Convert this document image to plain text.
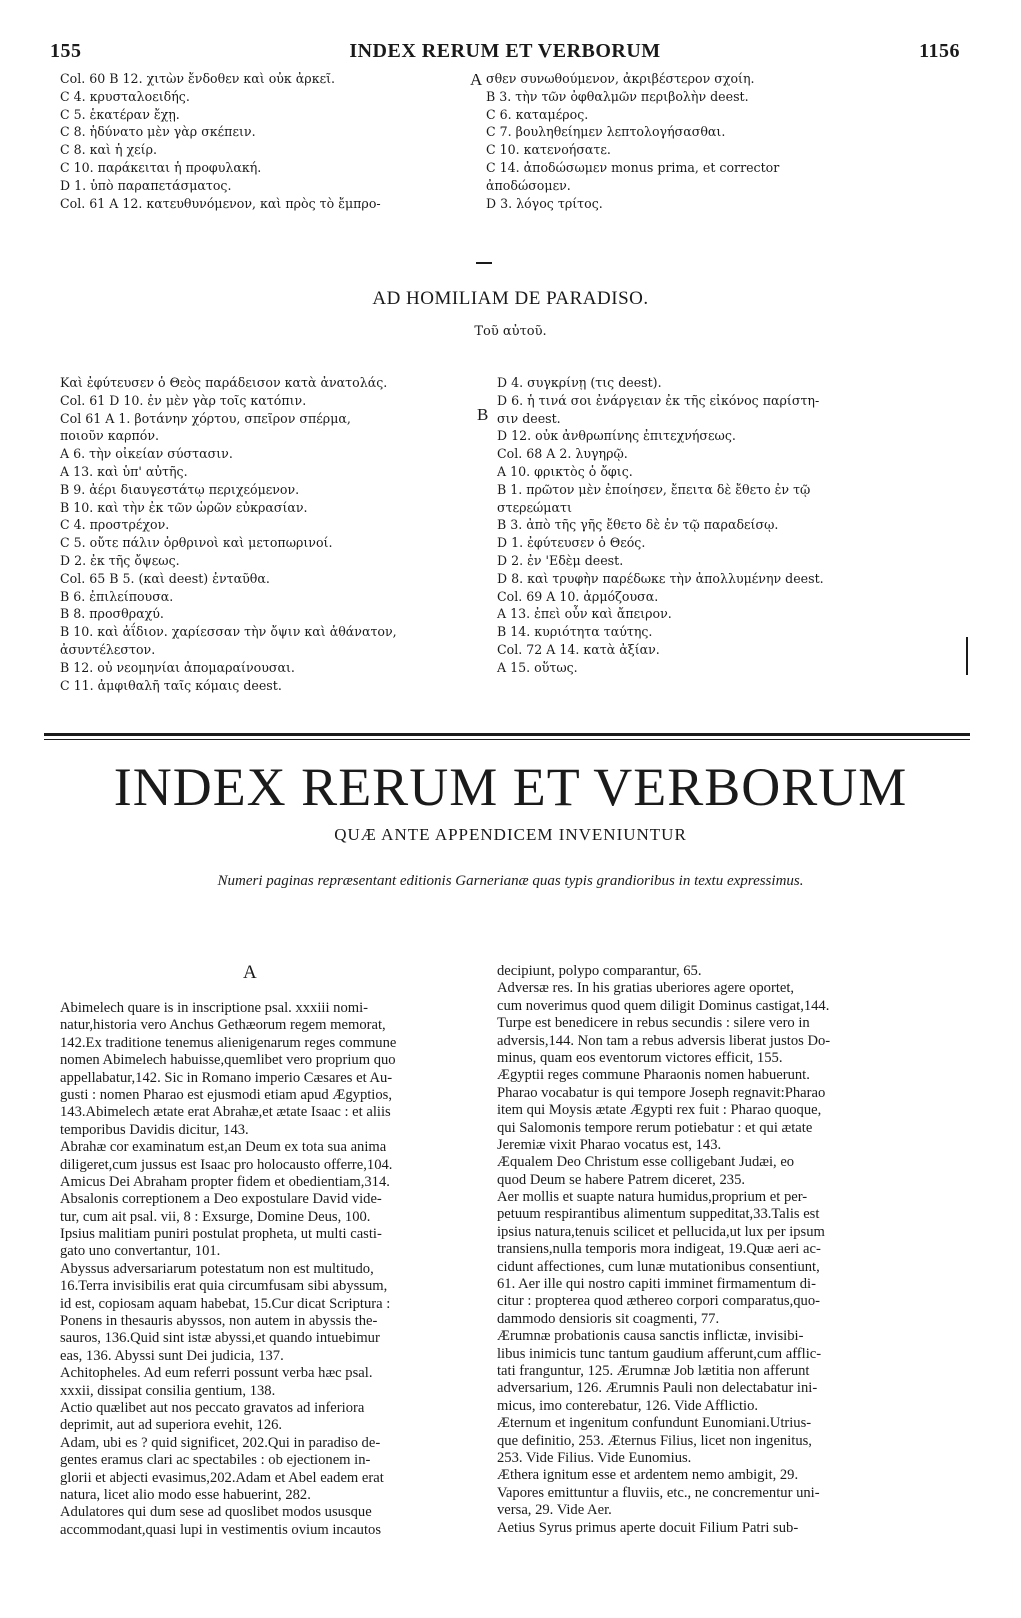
155	INDEX RERUM ET VERBORUM	1156
Col. 60 B 12. χιτὼν ἔνδοθεν καὶ οὐκ ἀρκεῖ.
C 4. κρυσταλοειδής.
C 5. ἑκατέραν ἔχῃ.
C 8. ἡδύνατο μὲν γὰρ σκέπειν.
C 8. καὶ ἡ χείρ.
C 10. παράκειται ἡ προφυλακή.
D 1. ὑπὸ παραπετάσματος.
Col. 61 A 12. κατευθυνόμενον, καὶ πρὸς τὸ ἔμπρο-
σθεν συνωθούμενον, ἀκριβέστερον σχοίη.
B 3. τὴν τῶν ὀφθαλμῶν περιβολὴν deest.
C 6. καταμέρος.
C 7. βουληθείημεν λεπτολογήσασθαι.
C 10. κατενοήσατε.
C 14. ἀποδώσωμεν monus prima, et corrector
ἀποδώσομεν.
D 3. λόγος τρίτος.
A
AD HOMILIAM DE PARADISO.
Τοῦ αὐτοῦ.
Καὶ ἐφύτευσεν ὁ Θεὸς παράδεισον κατὰ ἀνατολάς.
Col. 61 D 10. ἐν μὲν γὰρ τοῖς κατόπιν.
Col 61 A 1. βοτάνην χόρτου, σπεῖρον σπέρμα,
ποιοῦν καρπόν.
A 6. τὴν οἰκείαν σύστασιν.
A 13. καὶ ὑπ' αὐτῆς.
B 9. ἀέρι διαυγεστάτῳ περιχεόμενον.
B 10. καὶ τὴν ἐκ τῶν ὡρῶν εὐκρασίαν.
C 4. προστρέχον.
C 5. οὔτε πάλιν ὀρθρινοὶ καὶ μετοπωρινοί.
D 2. ἐκ τῆς ὄψεως.
Col. 65 B 5. (καὶ deest) ἐνταῦθα.
B 6. ἐπιλείπουσα.
B 8. προσθραχύ.
B 10. καὶ ἀΐδιον. χαρίεσσαν τὴν ὄψιν καὶ ἀθάνατον,
ἀσυντέλεστον.
B 12. οὐ νεομηνίαι ἀπομαραίνουσαι.
C 11. ἀμφιθαλῆ ταῖς κόμαις deest.
D 4. συγκρίνῃ (τις deest).
D 6. ἡ τινά σοι ἐνάργειαν ἐκ τῆς εἰκόνος παρίστη-
σιν deest.
D 12. οὐκ ἀνθρωπίνης ἐπιτεχνήσεως.
Col. 68 A 2. λυγηρῷ.
A 10. φρικτὸς ὁ ὄφις.
B 1. πρῶτον μὲν ἐποίησεν, ἔπειτα δὲ ἔθετο ἐν τῷ
στερεώματι
B 3. ἀπὸ τῆς γῆς ἔθετο δὲ ἐν τῷ παραδείσῳ.
D 1. ἐφύτευσεν ὁ Θεός.
D 2. ἐν 'Εδὲμ deest.
D 8. καὶ τρυφὴν παρέδωκε τὴν ἀπολλυμένην deest.
Col. 69 A 10. ἁρμόζουσα.
A 13. ἐπεὶ οὖν καὶ ἄπειρον.
B 14. κυριότητα ταύτης.
Col. 72 A 14. κατὰ ἀξίαν.
A 15. οὕτως.
B
INDEX RERUM ET VERBORUM
QUÆ ANTE APPENDICEM INVENIUNTUR
Numeri paginas repræsentant editionis Garnerianæ quas typis grandioribus in textu expressimus.
A
Abimelech quare is in inscriptione psal. xxxiii nomi-
natur,historia vero Anchus Gethæorum regem memorat,
142.Ex traditione tenemus alienigenarum reges commune
nomen Abimelech habuisse,quemlibet vero proprium quo
appellabatur,142. Sic in Romano imperio Cæsares et Au-
gusti : nomen Pharao est ejusmodi etiam apud Ægyptios,
143.Abimelech ætate erat Abrahæ,et ætate Isaac : et aliis
temporibus Davidis dicitur, 143.
Abrahæ cor examinatum est,an Deum ex tota sua anima
diligeret,cum jussus est Isaac pro holocausto offerre,104.
Amicus Dei Abraham propter fidem et obedientiam,314.
Absalonis correptionem a Deo expostulare David vide-
tur, cum ait psal. vii, 8 : Exsurge, Domine Deus, 100.
Ipsius malitiam puniri postulat propheta, ut multi casti-
gato uno convertantur, 101.
Abyssus adversariarum potestatum non est multitudo,
16.Terra invisibilis erat quia circumfusam sibi abyssum,
id est, copiosam aquam habebat, 15.Cur dicat Scriptura :
Ponens in thesauris abyssos, non autem in abyssis the-
sauros, 136.Quid sint istæ abyssi,et quando intuebimur
eas, 136. Abyssi sunt Dei judicia, 137.
Achitopheles. Ad eum referri possunt verba hæc psal.
xxxii, dissipat consilia gentium, 138.
Actio quælibet aut nos peccato gravatos ad inferiora
deprimit, aut ad superiora evehit, 126.
Adam, ubi es ? quid significet, 202.Qui in paradiso de-
gentes eramus clari ac spectabiles : ob ejectionem in-
glorii et abjecti evasimus,202.Adam et Abel eadem erat
natura, licet alio modo esse habuerint, 282.
Adulatores qui dum sese ad quoslibet modos ususque
accommodant,quasi lupi in vestimentis ovium incautos
decipiunt, polypo comparantur, 65.
Adversæ res. In his gratias uberiores agere oportet,
cum noverimus quod quem diligit Dominus castigat,144.
Turpe est benedicere in rebus secundis : silere vero in
adversis,144. Non tam a rebus adversis liberat justos Do-
minus, quam eos eventorum victores efficit, 155.
Ægyptii reges commune Pharaonis nomen habuerunt.
Pharao vocabatur is qui tempore Joseph regnavit:Pharao
item qui Moysis ætate Ægypti rex fuit : Pharao quoque,
qui Salomonis tempore rerum potiebatur : et qui ætate
Jeremiæ vixit Pharao vocatus est, 143.
Æqualem Deo Christum esse colligebant Judæi, eo
quod Deum se habere Patrem diceret, 235.
Aer mollis et suapte natura humidus,proprium et per-
petuum respirantibus alimentum suppeditat,33.Talis est
ipsius natura,tenuis scilicet et pellucida,ut lux per ipsum
transiens,nulla temporis mora indigeat, 19.Quæ aeri ac-
cidunt affectiones, cum lunæ mutationibus consentiunt,
61. Aer ille qui nostro capiti imminet firmamentum di-
citur : propterea quod æthereo corpori comparatus,quo-
dammodo densioris sit coagmenti, 77.
Ærumnæ probationis causa sanctis inflictæ, invisibi-
libus inimicis tunc tantum gaudium afferunt,cum afflic-
tati franguntur, 125. Ærumnæ Job lætitia non afferunt
adversarium, 126. Ærumnis Pauli non delectabatur ini-
micus, imo conterebatur, 126. Vide Afflictio.
Æternum et ingenitum confundunt Eunomiani.Utrius-
que definitio, 253. Æternus Filius, licet non ingenitus,
253. Vide Filius. Vide Eunomius.
Æthera ignitum esse et ardentem nemo ambigit, 29.
Vapores emittuntur a fluviis, etc., ne concrementur uni-
versa, 29. Vide Aer.
Aetius Syrus primus aperte docuit Filium Patri sub-
